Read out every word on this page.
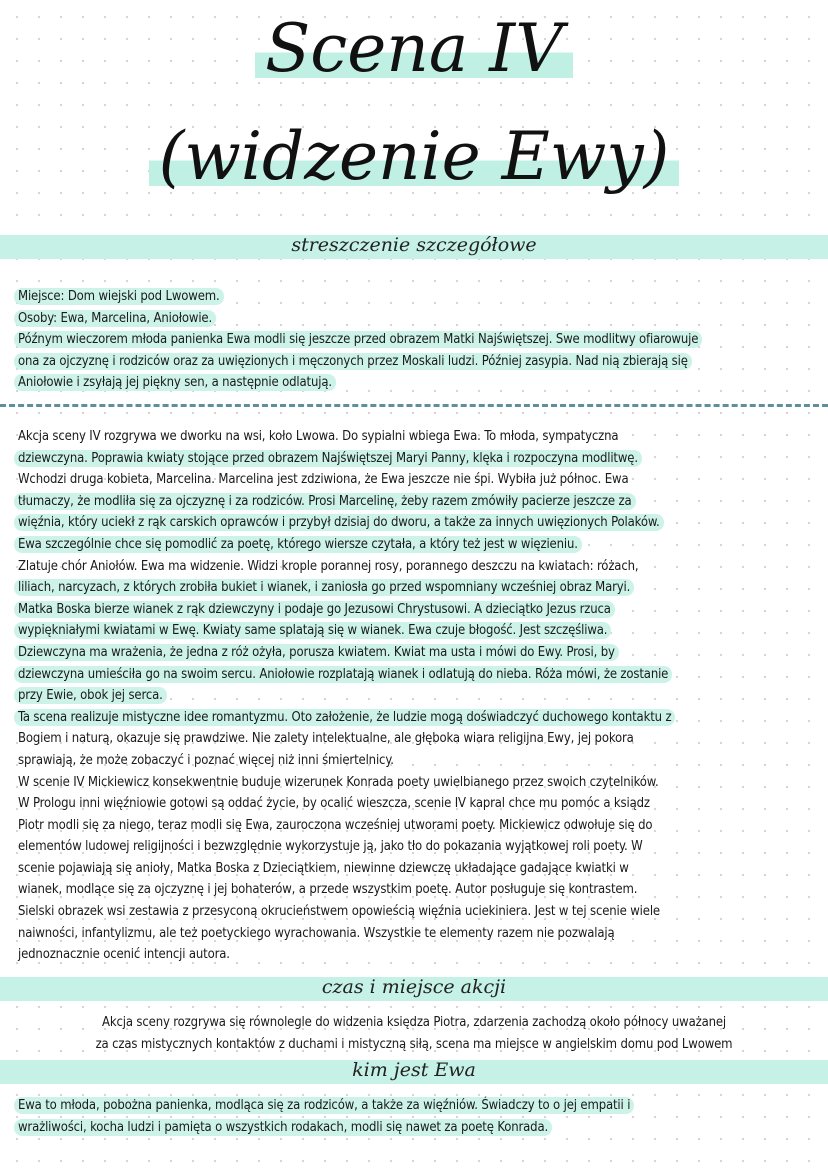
Scena IV
(widzenie Ewy)
streszczenie szczegółowe
Miejsce: Dom wiejski pod Lwowem.
Osoby: Ewa, Marcelina, Aniołowie.
Późnym wieczorem młoda panienka Ewa modli się jeszcze przed obrazem Matki Najświętszej. Swe modlitwy ofiarowuje
ona za ojczyznę i rodziców oraz za uwięzionych i męczonych przez Moskali ludzi. Później zasypia. Nad nią zbierają się
Aniołowie i zsyłają jej piękny sen, a następnie odlatują.
Akcja sceny IV rozgrywa we dworku na wsi, koło Lwowa. Do sypialni wbiega Ewa. To młoda, sympatyczna
dziewczyna. Poprawia kwiaty stojące przed obrazem Najświętszej Maryi Panny, klęka i rozpoczyna modlitwę.
Wchodzi druga kobieta, Marcelina. Marcelina jest zdziwiona, że Ewa jeszcze nie śpi. Wybiła już północ. Ewa
tłumaczy, że modliła się za ojczyznę i za rodziców. Prosi Marcelinę, żeby razem zmówiły pacierze jeszcze za
więźnia, który uciekł z rąk carskich oprawców i przybył dzisiaj do dworu, a także za innych uwięzionych Polaków.
Ewa szczególnie chce się pomodlić za poetę, którego wiersze czytała, a który też jest w więzieniu.
Zlatuje chór Aniołów. Ewa ma widzenie. Widzi krople porannej rosy, porannego deszczu na kwiatach: różach,
liliach, narcyzach, z których zrobiła bukiet i wianek, i zaniosła go przed wspomniany wcześniej obraz Maryi.
Matka Boska bierze wianek z rąk dziewczyny i podaje go Jezusowi Chrystusowi. A dzieciątko Jezus rzuca
wypiękniałymi kwiatami w Ewę. Kwiaty same splatają się w wianek. Ewa czuje błogość. Jest szczęśliwa.
Dziewczyna ma wrażenia, że jedna z róż ożyła, porusza kwiatem. Kwiat ma usta i mówi do Ewy. Prosi, by
dziewczyna umieściła go na swoim sercu. Aniołowie rozplatają wianek i odlatują do nieba. Róża mówi, że zostanie
przy Ewie, obok jej serca.
Ta scena realizuje mistyczne idee romantyzmu. Oto założenie, że ludzie mogą doświadczyć duchowego kontaktu z
Bogiem i naturą, okazuje się prawdziwe. Nie zalety intelektualne, ale głęboka wiara religijna Ewy, jej pokora
sprawiają, że może zobaczyć i poznać więcej niż inni śmiertelnicy.
W scenie IV Mickiewicz konsekwentnie buduje wizerunek Konrada poety uwielbianego przez swoich czytelników.
W Prologu inni więźniowie gotowi są oddać życie, by ocalić wieszcza, scenie IV kapral chce mu pomóc a ksiądz
Piotr modli się za niego, teraz modli się Ewa, zauroczona wcześniej utworami poety. Mickiewicz odwołuje się do
elementów ludowej religijności i bezwzględnie wykorzystuje ją, jako tło do pokazania wyjątkowej roli poety. W
scenie pojawiają się anioły, Matka Boska z Dzieciątkiem, niewinne dziewczę układające gadające kwiatki w
wianek, modlące się za ojczyznę i jej bohaterów, a przede wszystkim poetę. Autor posługuje się kontrastem.
Sielski obrazek wsi zestawia z przesyconą okrucieństwem opowieścią więźnia uciekiniera. Jest w tej scenie wiele
naiwności, infantylizmu, ale też poetyckiego wyrachowania. Wszystkie te elementy razem nie pozwalają
jednoznacznie ocenić intencji autora.
czas i miejsce akcji
Akcja sceny rozgrywa się równolegle do widzenia księdza Piotra, zdarzenia zachodzą około północy uważanej
za czas mistycznych kontaktów z duchami i mistyczną siłą, scena ma miejsce w angielskim domu pod Lwowem
kim jest Ewa
Ewa to młoda, pobożna panienka, modląca się za rodziców, a także za więźniów. Świadczy to o jej empatii i
wrażliwości, kocha ludzi i pamięta o wszystkich rodakach, modli się nawet za poetę Konrada.
